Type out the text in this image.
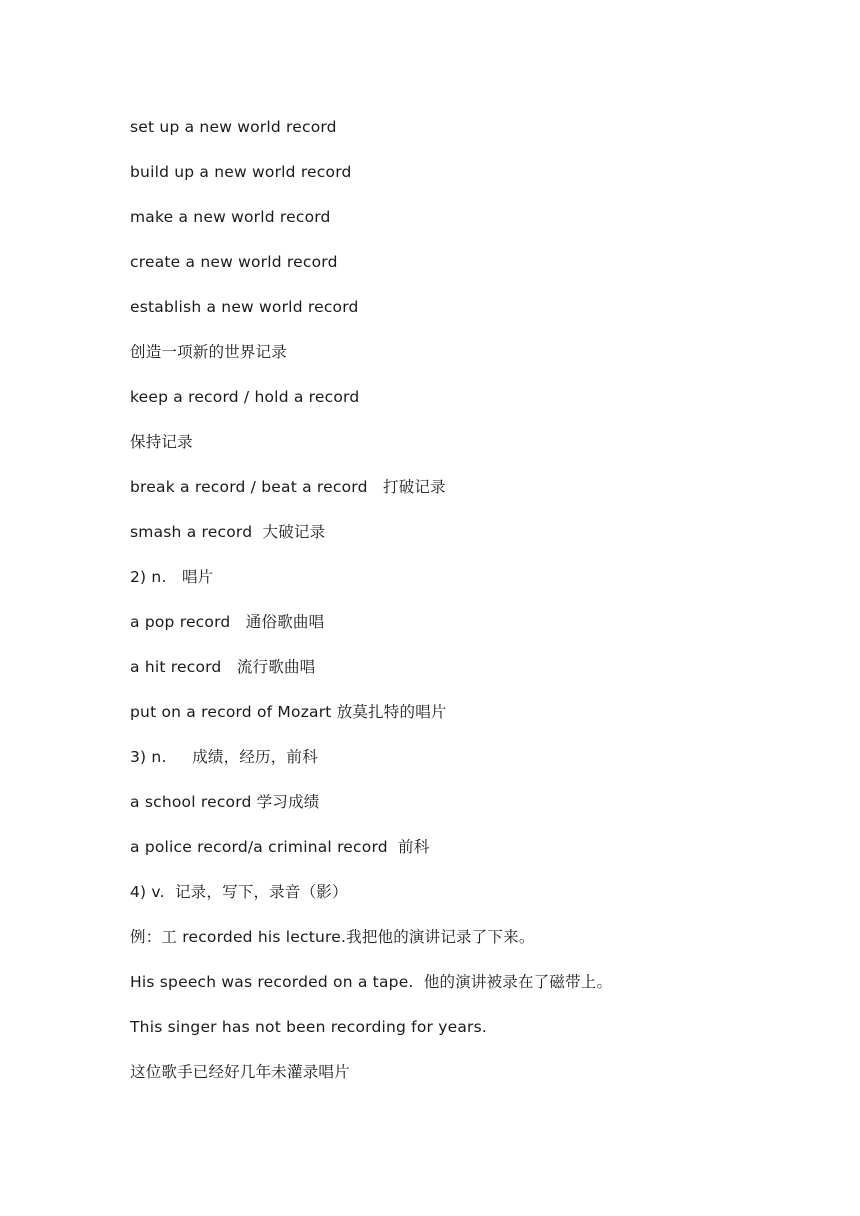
set up a new world record
build up a new world record
make a new world record
create a new world record
establish a new world record
创造一项新的世界记录
keep a record / hold a record
保持记录
break a record / beat a record   打破记录
smash a record  大破记录
2) n.   唱片
a pop record   通俗歌曲唱
a hit record   流行歌曲唱
put on a record of Mozart 放莫扎特的唱片
3) n.     成绩，经历，前科
a school record 学习成绩
a police record/a criminal record  前科
4) v.  记录，写下，录音（影）
例：工 recorded his lecture.我把他的演讲记录了下来。
His speech was recorded on a tape.  他的演讲被录在了磁带上。
This singer has not been recording for years.
这位歌手已经好几年未灌录唱片
